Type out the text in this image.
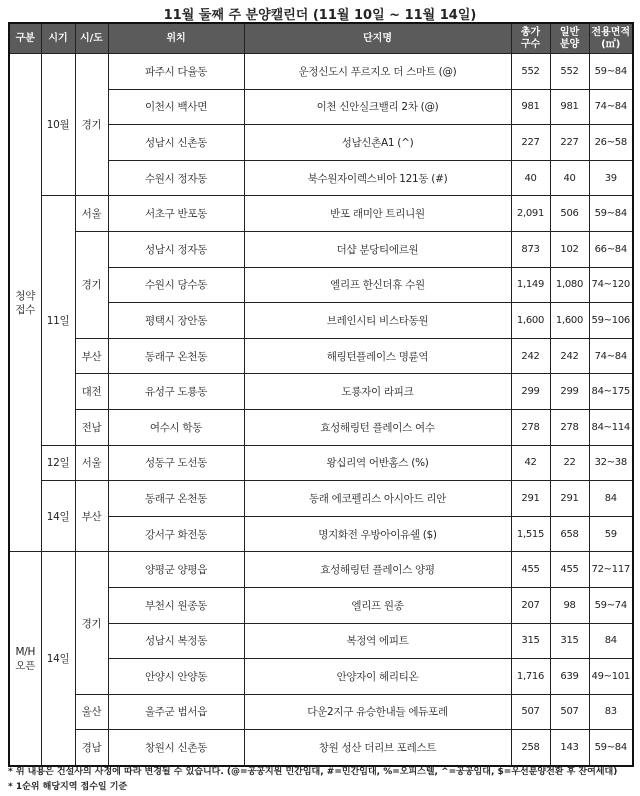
11월 둘째 주 분양캘린더 (11월 10일 ~ 11월 14일)
구분	시기	시/도	위치	단지명	총가
구수	일반
분양	전용면적
(㎡)
청약
접수	10월	경기	파주시 다율동	운정신도시 푸르지오 더 스마트 (@)	552	552	59~84
			이천시 백사면	이천 신안실크밸리 2차 (@)	981	981	74~84
			성남시 신촌동	성남신촌A1 (^)	227	227	26~58
			수원시 정자동	북수원자이렉스비아 121동 (#)	40	40	39
	11일	서울	서초구 반포동	반포 래미안 트리니원	2,091	506	59~84
		경기	성남시 정자동	더샵 분당티에르원	873	102	66~84
			수원시 당수동	엘리프 한신더휴 수원	1,149	1,080	74~120
			평택시 장안동	브레인시티 비스타동원	1,600	1,600	59~106
		부산	동래구 온천동	해링턴플레이스 명륜역	242	242	74~84
		대전	유성구 도룡동	도룡자이 라피크	299	299	84~175
		전남	여수시 학동	효성해링턴 플레이스 여수	278	278	84~114
	12일	서울	성동구 도선동	왕십리역 어반홈스 (%)	42	22	32~38
	14일	부산	동래구 온천동	동래 에코펠리스 아시아드 리안	291	291	84
			강서구 화전동	명지화전 우방아이유쉘 ($)	1,515	658	59
M/H
오픈	14일	경기	양평군 양평읍	효성해링턴 플레이스 양평	455	455	72~117
			부천시 원종동	엘리프 원종	207	98	59~74
			성남시 복정동	복정역 에피트	315	315	84
			안양시 안양동	안양자이 헤리티온	1,716	639	49~101
		울산	울주군 범서읍	다운2지구 유승한내들 에듀포레	507	507	83
		경남	창원시 신촌동	창원 성산 더리브 포레스트	258	143	59~84
* 위 내용은 건설사의 사정에 따라 변경될 수 있습니다. (@=공공지원 민간임대, #=민간임대, %=오피스텔, ^=공공임대, $=우선분양전환 후 잔여세대)
* 1순위 해당지역 접수일 기준
